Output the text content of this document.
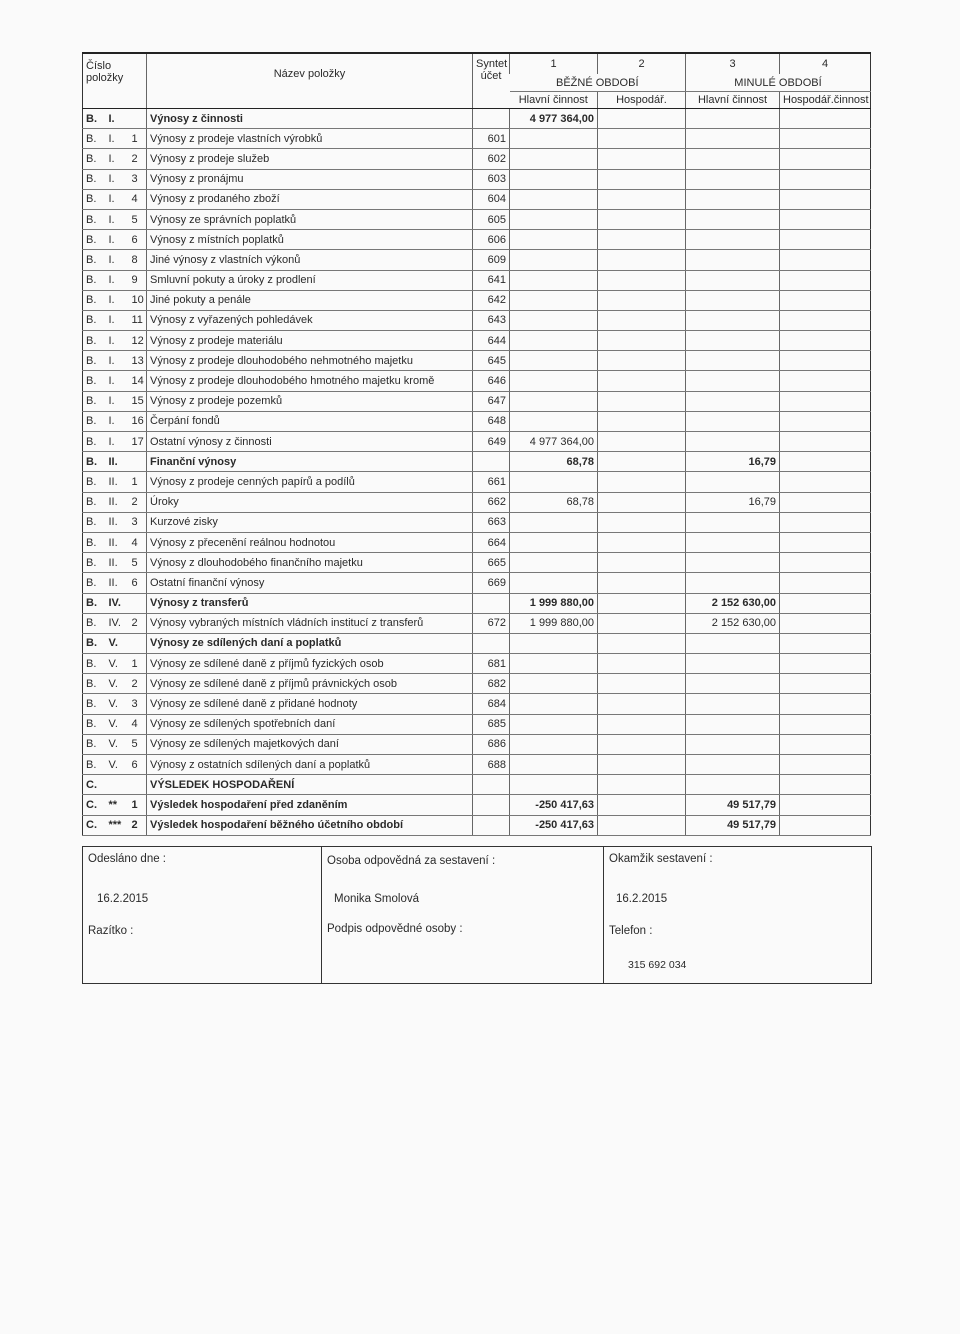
Číslo položky			Název položky	Syntet účet	1	2	3	4
					BĚŽNÉ OBDOBÍ		MINULÉ OBDOBÍ	
					Hlavní činnost	Hospodář.	Hlavní činnost	Hospodář.činnost
B.	I.		Výnosy z činnosti		4 977 364,00			
B.	I.	1	Výnosy z prodeje vlastních výrobků	601				
B.	I.	2	Výnosy z prodeje služeb	602				
B.	I.	3	Výnosy z pronájmu	603				
B.	I.	4	Výnosy z prodaného zboží	604				
B.	I.	5	Výnosy ze správních poplatků	605				
B.	I.	6	Výnosy z místních poplatků	606				
B.	I.	8	Jiné výnosy z vlastních výkonů	609				
B.	I.	9	Smluvní pokuty a úroky z prodlení	641				
B.	I.	10	Jiné pokuty a penále	642				
B.	I.	11	Výnosy z vyřazených pohledávek	643				
B.	I.	12	Výnosy z prodeje materiálu	644				
B.	I.	13	Výnosy z prodeje dlouhodobého nehmotného majetku	645				
B.	I.	14	Výnosy z prodeje dlouhodobého hmotného majetku kromě	646				
B.	I.	15	Výnosy z prodeje pozemků	647				
B.	I.	16	Čerpání fondů	648				
B.	I.	17	Ostatní výnosy z činnosti	649	4 977 364,00			
B.	II.		Finanční výnosy		68,78		16,79	
B.	II.	1	Výnosy z prodeje cenných papírů a podílů	661				
B.	II.	2	Úroky	662	68,78		16,79	
B.	II.	3	Kurzové zisky	663				
B.	II.	4	Výnosy z přecenění reálnou hodnotou	664				
B.	II.	5	Výnosy z dlouhodobého finančního majetku	665				
B.	II.	6	Ostatní finanční výnosy	669				
B.	IV.		Výnosy z transferů		1 999 880,00		2 152 630,00	
B.	IV.	2	Výnosy vybraných místních vládních institucí z transferů	672	1 999 880,00		2 152 630,00	
B.	V.		Výnosy ze sdílených daní a poplatků					
B.	V.	1	Výnosy ze sdílené daně z příjmů fyzických osob	681				
B.	V.	2	Výnosy ze sdílené daně z příjmů právnických osob	682				
B.	V.	3	Výnosy ze sdílené daně z přidané hodnoty	684				
B.	V.	4	Výnosy ze sdílených spotřebních daní	685				
B.	V.	5	Výnosy ze sdílených majetkových daní	686				
B.	V.	6	Výnosy z ostatních sdílených daní a poplatků	688				
C.			VÝSLEDEK HOSPODAŘENÍ					
C.	**	1	Výsledek hospodaření před zdaněním		-250 417,63		49 517,79	
C.	***	2	Výsledek hospodaření běžného účetního období		-250 417,63		49 517,79	
Odesláno dne :
16.2.2015
Razítko :
Osoba odpovědná za sestavení :
Monika Smolová
Podpis odpovědné osoby :
Okamžik sestavení :
16.2.2015
Telefon :
315 692 034
